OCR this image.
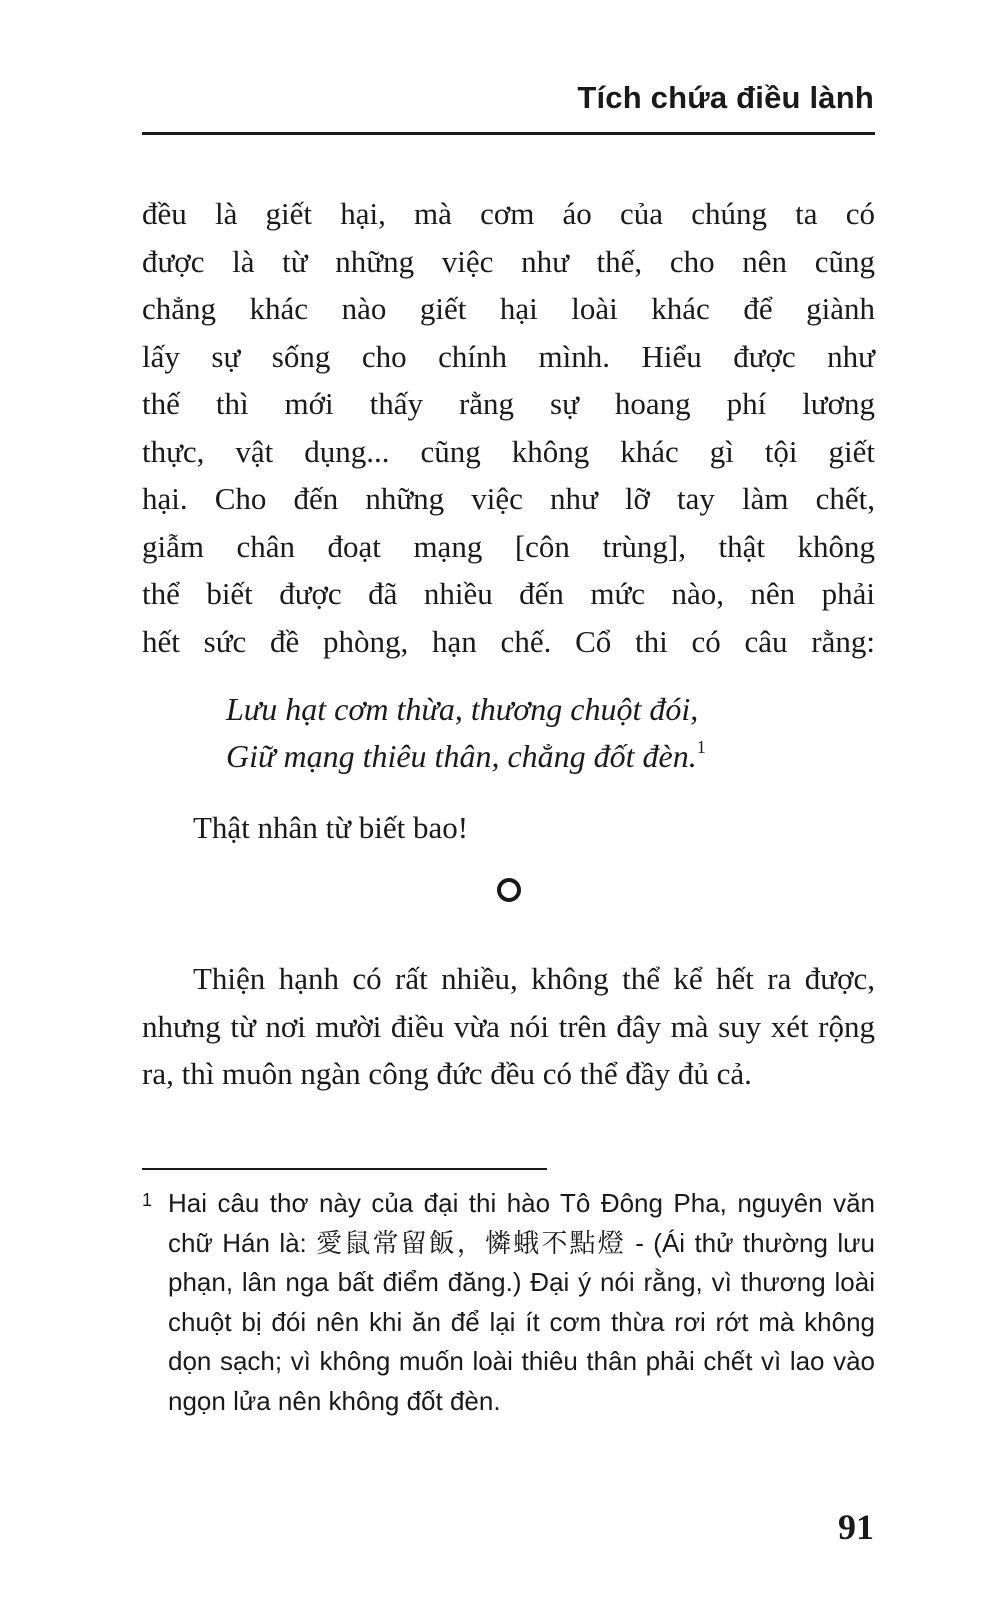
Tích chứa điều lành
đều là giết hại, mà cơm áo của chúng ta có
được là từ những việc như thế, cho nên cũng
chẳng khác nào giết hại loài khác để giành
lấy sự sống cho chính mình. Hiểu được như
thế thì mới thấy rằng sự hoang phí lương
thực, vật dụng... cũng không khác gì tội giết
hại. Cho đến những việc như lỡ tay làm chết,
giẫm chân đoạt mạng [côn trùng], thật không
thể biết được đã nhiều đến mức nào, nên phải
hết sức đề phòng, hạn chế. Cổ thi có câu rằng:
Lưu hạt cơm thừa, thương chuột đói,
Giữ mạng thiêu thân, chẳng đốt đèn.$^1$
Thật nhân từ biết bao!
Thiện hạnh có rất nhiều, không thể kể hết ra được, nhưng từ nơi mười điều vừa nói trên đây mà suy xét rộng ra, thì muôn ngàn công đức đều có thể đầy đủ cả.
1 Hai câu thơ này của đại thi hào Tô Đông Pha, nguyên văn chữ Hán là: 愛鼠常留飯，憐蛾不點燈 - (Ái thử thường lưu phạn, lân nga bất điểm đăng.) Đại ý nói rằng, vì thương loài chuột bị đói nên khi ăn để lại ít cơm thừa rơi rớt mà không dọn sạch; vì không muốn loài thiêu thân phải chết vì lao vào ngọn lửa nên không đốt đèn.
91
